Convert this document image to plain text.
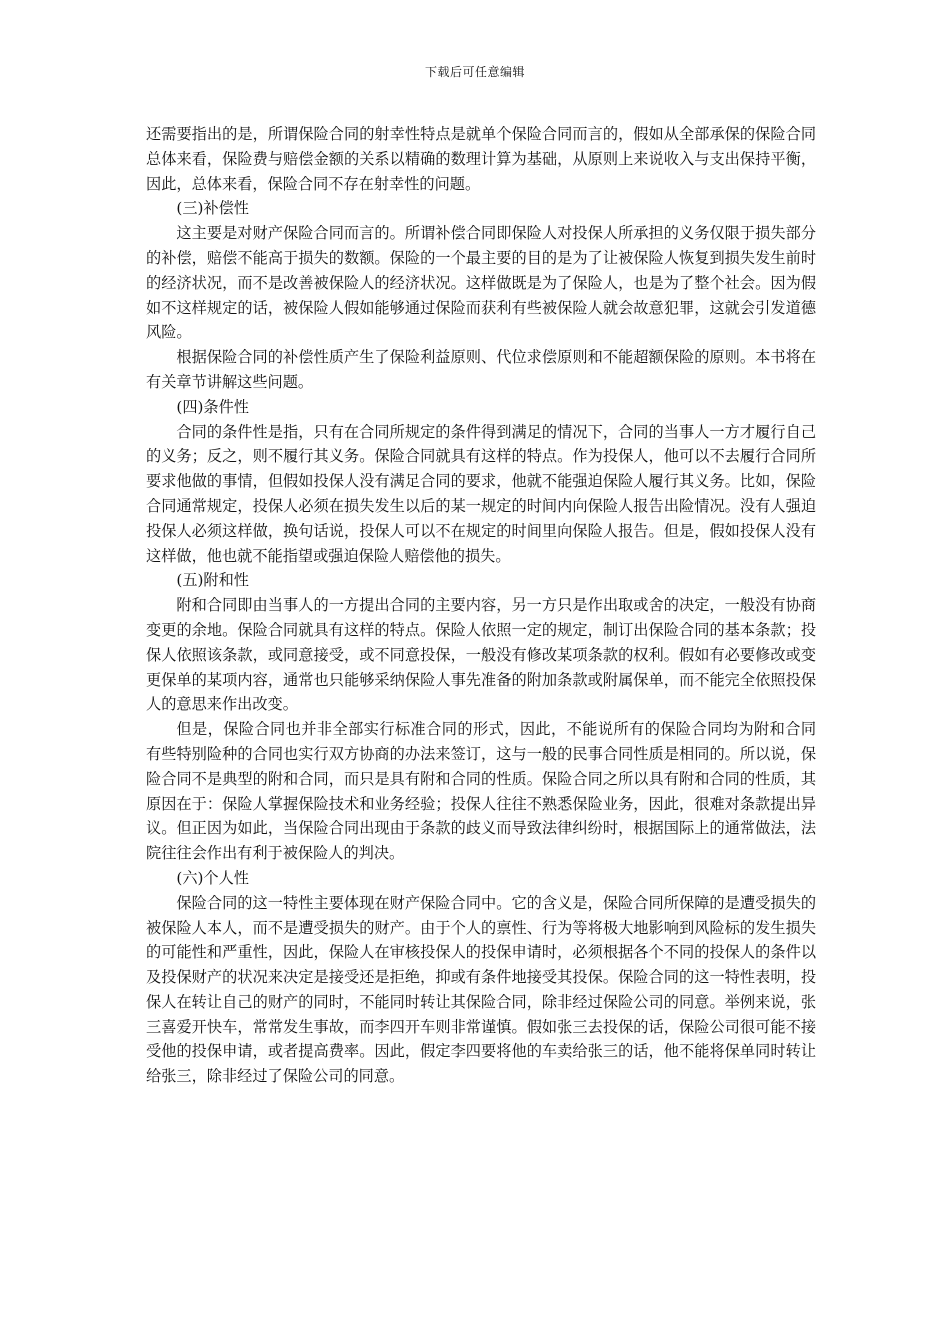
下载后可任意编辑

还需要指出的是，所谓保险合同的射幸性特点是就单个保险合同而言的，假如从全部承保的保险合同总体来看，保险费与赔偿金额的关系以精确的数理计算为基础，从原则上来说收入与支出保持平衡，因此，总体来看，保险合同不存在射幸性的问题。

(三)补偿性

这主要是对财产保险合同而言的。所谓补偿合同即保险人对投保人所承担的义务仅限于损失部分的补偿，赔偿不能高于损失的数额。保险的一个最主要的目的是为了让被保险人恢复到损失发生前时的经济状况，而不是改善被保险人的经济状况。这样做既是为了保险人，也是为了整个社会。因为假如不这样规定的话，被保险人假如能够通过保险而获利有些被保险人就会故意犯罪，这就会引发道德风险。

根据保险合同的补偿性质产生了保险利益原则、代位求偿原则和不能超额保险的原则。本书将在有关章节讲解这些问题。

(四)条件性

合同的条件性是指，只有在合同所规定的条件得到满足的情况下，合同的当事人一方才履行自己的义务；反之，则不履行其义务。保险合同就具有这样的特点。作为投保人，他可以不去履行合同所要求他做的事情，但假如投保人没有满足合同的要求，他就不能强迫保险人履行其义务。比如，保险合同通常规定，投保人必须在损失发生以后的某一规定的时间内向保险人报告出险情况。没有人强迫投保人必须这样做，换句话说，投保人可以不在规定的时间里向保险人报告。但是，假如投保人没有这样做，他也就不能指望或强迫保险人赔偿他的损失。

(五)附和性

附和合同即由当事人的一方提出合同的主要内容，另一方只是作出取或舍的决定，一般没有协商变更的余地。保险合同就具有这样的特点。保险人依照一定的规定，制订出保险合同的基本条款；投保人依照该条款，或同意接受，或不同意投保，一般没有修改某项条款的权利。假如有必要修改或变更保单的某项内容，通常也只能够采纳保险人事先准备的附加条款或附属保单，而不能完全依照投保人的意思来作出改变。

但是，保险合同也并非全部实行标准合同的形式，因此，不能说所有的保险合同均为附和合同　有些特别险种的合同也实行双方协商的办法来签订，这与一般的民事合同性质是相同的。所以说，保险合同不是典型的附和合同，而只是具有附和合同的性质。保险合同之所以具有附和合同的性质，其原因在于：保险人掌握保险技术和业务经验；投保人往往不熟悉保险业务，因此，很难对条款提出异议。但正因为如此，当保险合同出现由于条款的歧义而导致法律纠纷时，根据国际上的通常做法，法院往往会作出有利于被保险人的判决。

(六)个人性

保险合同的这一特性主要体现在财产保险合同中。它的含义是，保险合同所保障的是遭受损失的被保险人本人，而不是遭受损失的财产。由于个人的禀性、行为等将极大地影响到风险标的发生损失的可能性和严重性，因此，保险人在审核投保人的投保申请时，必须根据各个不同的投保人的条件以及投保财产的状况来决定是接受还是拒绝，抑或有条件地接受其投保。保险合同的这一特性表明，投保人在转让自己的财产的同时，不能同时转让其保险合同，除非经过保险公司的同意。举例来说，张三喜爱开快车，常常发生事故，而李四开车则非常谨慎。假如张三去投保的话，保险公司很可能不接受他的投保申请，或者提高费率。因此，假定李四要将他的车卖给张三的话，他不能将保单同时转让给张三，除非经过了保险公司的同意。
